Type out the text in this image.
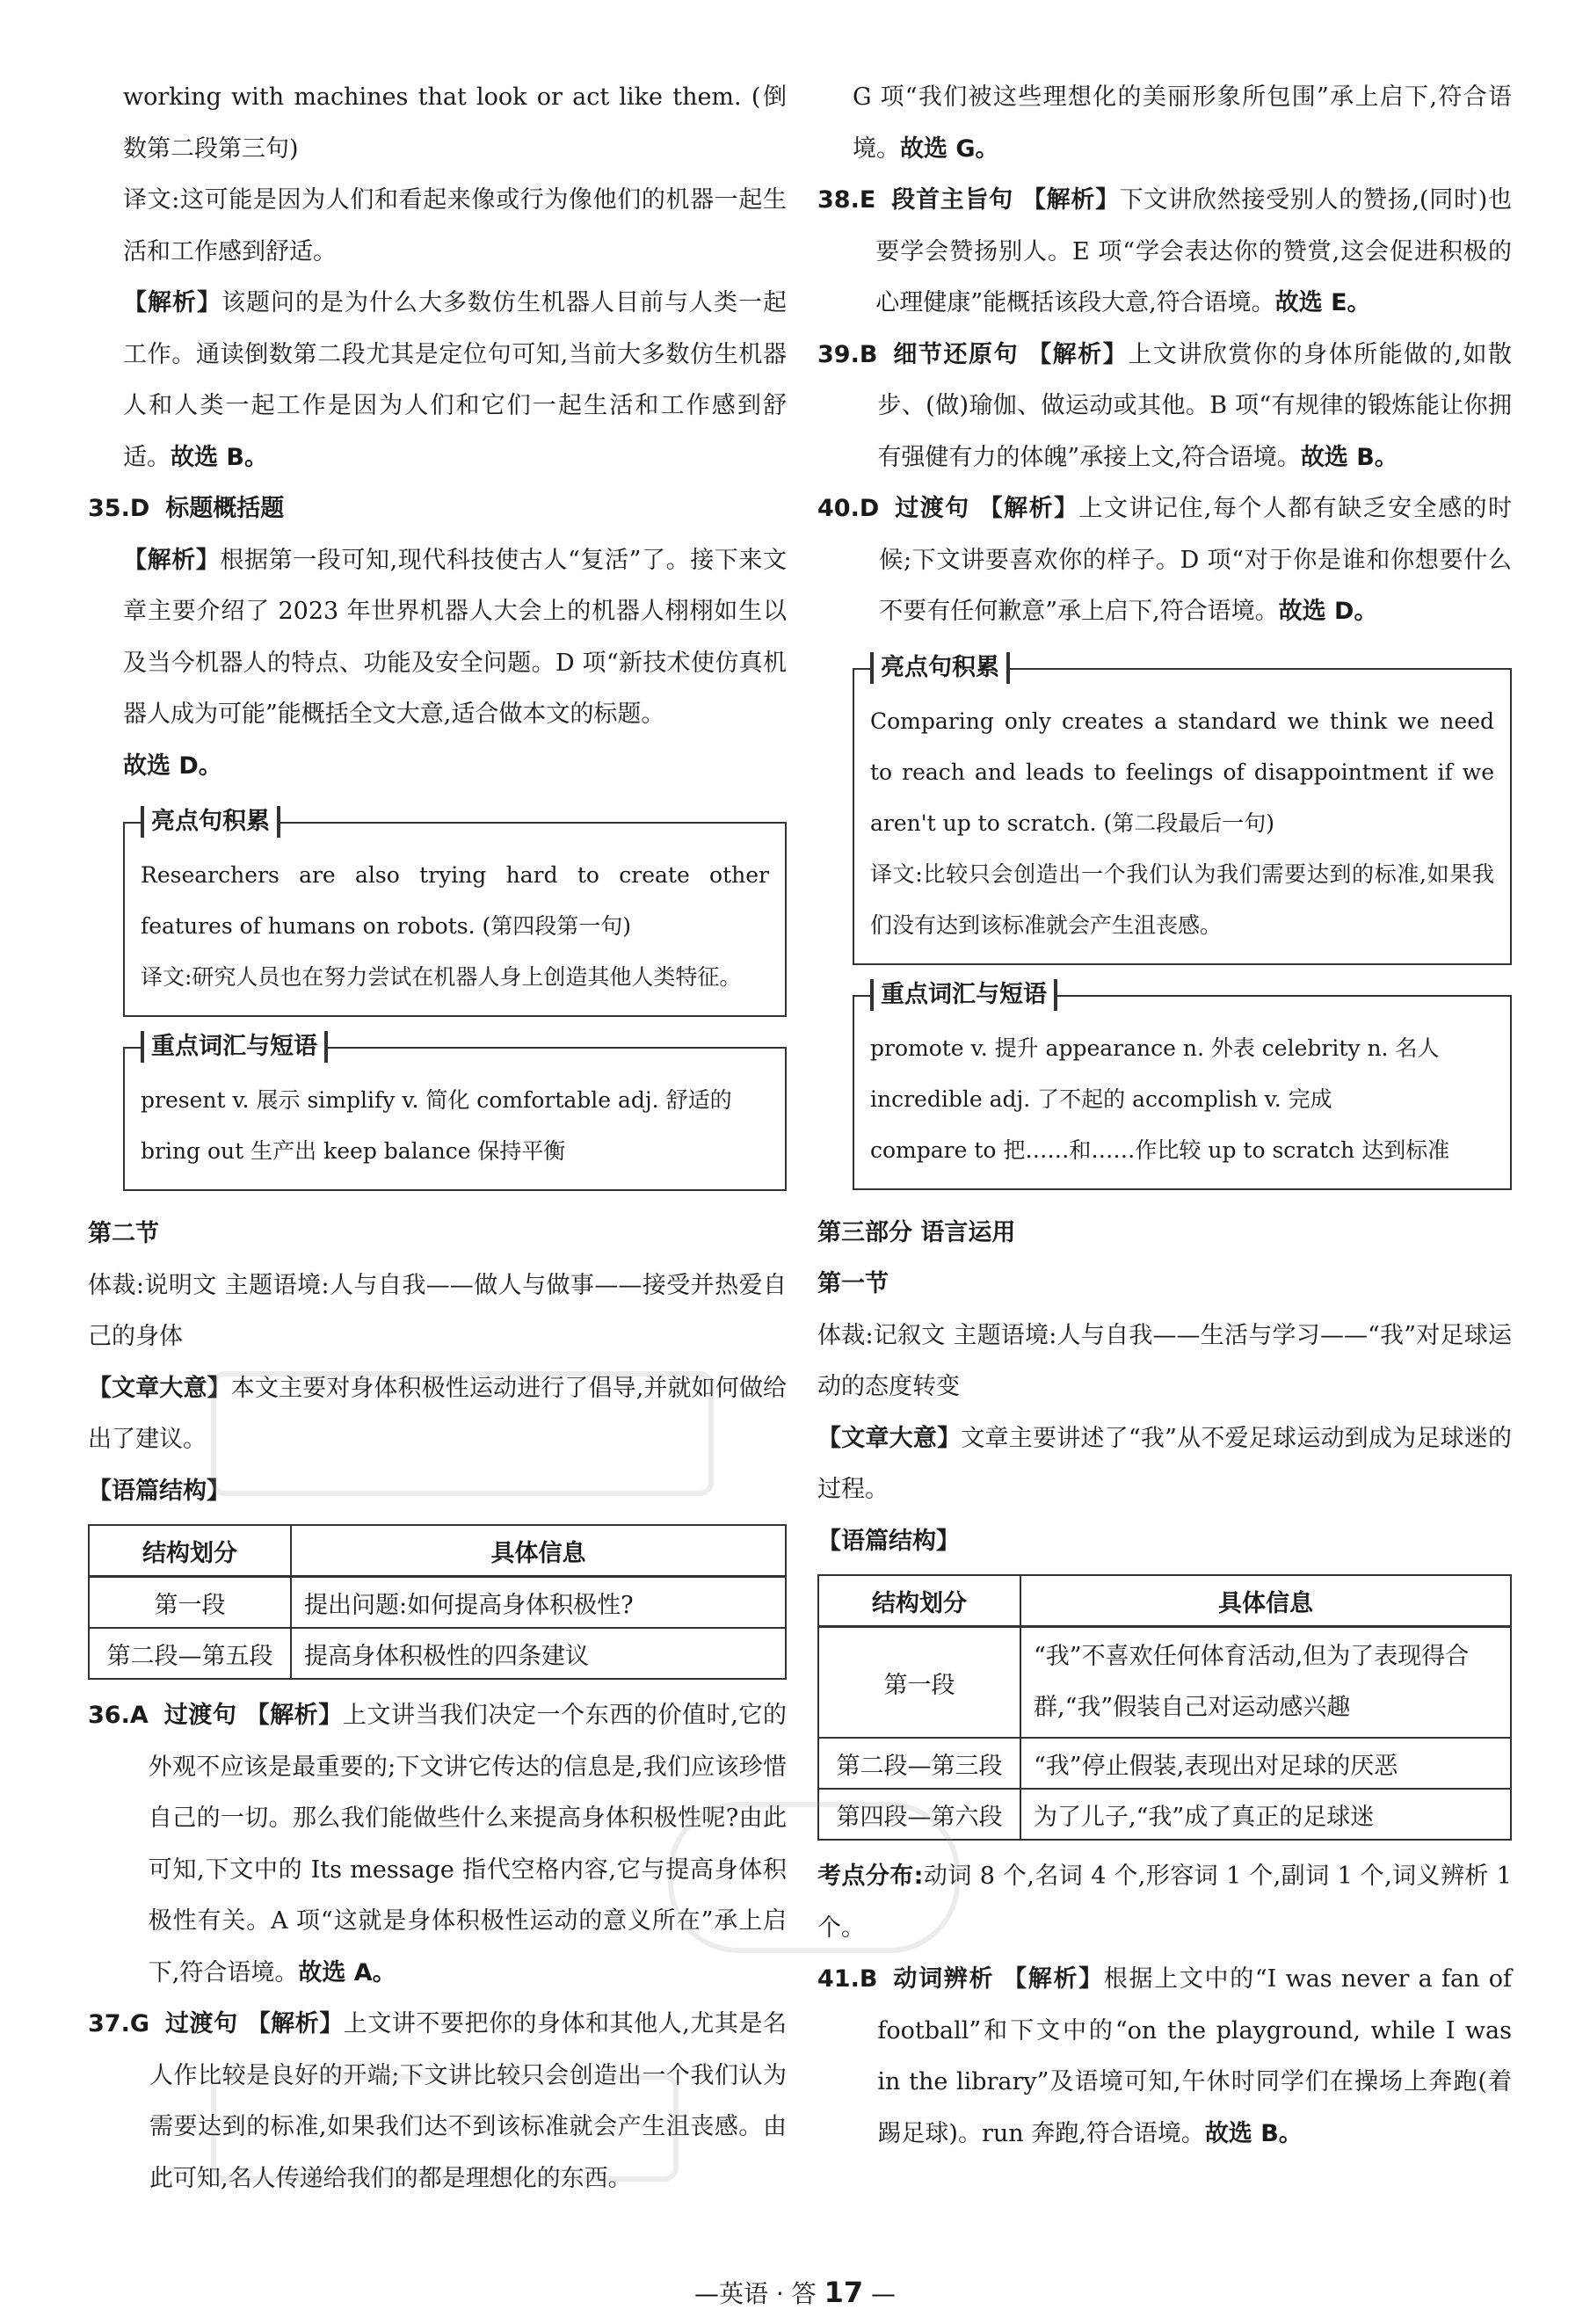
working with machines that look or act like them. (倒数第二段第三句)

译文:这可能是因为人们和看起来像或行为像他们的机器一起生活和工作感到舒适。

【解析】该题问的是为什么大多数仿生机器人目前与人类一起工作。通读倒数第二段尤其是定位句可知,当前大多数仿生机器人和人类一起工作是因为人们和它们一起生活和工作感到舒适。故选 B。

35.D 标题概括题

【解析】根据第一段可知,现代科技使古人“复活”了。接下来文章主要介绍了 2023 年世界机器人大会上的机器人栩栩如生以及当今机器人的特点、功能及安全问题。D 项“新技术使仿真机器人成为可能”能概括全文大意,适合做本文的标题。

故选 D。

亮点句积累

Researchers are also trying hard to create other features of humans on robots. (第四段第一句)

译文:研究人员也在努力尝试在机器人身上创造其他人类特征。

重点词汇与短语

present v. 展示 simplify v. 简化 comfortable adj. 舒适的

bring out 生产出 keep balance 保持平衡

第二节

体裁:说明文 主题语境:人与自我——做人与做事——接受并热爱自己的身体

【文章大意】本文主要对身体积极性运动进行了倡导,并就如何做给出了建议。

【语篇结构】
结构划分	具体信息
第一段	提出问题:如何提高身体积极性?
第二段—第五段	提高身体积极性的四条建议
36.A 过渡句 【解析】上文讲当我们决定一个东西的价值时,它的外观不应该是最重要的;下文讲它传达的信息是,我们应该珍惜自己的一切。那么我们能做些什么来提高身体积极性呢?由此可知,下文中的 Its message 指代空格内容,它与提高身体积极性有关。A 项“这就是身体积极性运动的意义所在”承上启下,符合语境。故选 A。
37.G 过渡句 【解析】上文讲不要把你的身体和其他人,尤其是名人作比较是良好的开端;下文讲比较只会创造出一个我们认为需要达到的标准,如果我们达不到该标准就会产生沮丧感。由此可知,名人传递给我们的都是理想化的东西。

G 项“我们被这些理想化的美丽形象所包围”承上启下,符合语境。故选 G。

38.E 段首主旨句 【解析】下文讲欣然接受别人的赞扬,(同时)也要学会赞扬别人。E 项“学会表达你的赞赏,这会促进积极的心理健康”能概括该段大意,符合语境。故选 E。
39.B 细节还原句 【解析】上文讲欣赏你的身体所能做的,如散步、(做)瑜伽、做运动或其他。B 项“有规律的锻炼能让你拥有强健有力的体魄”承接上文,符合语境。故选 B。
40.D 过渡句 【解析】上文讲记住,每个人都有缺乏安全感的时候;下文讲要喜欢你的样子。D 项“对于你是谁和你想要什么不要有任何歉意”承上启下,符合语境。故选 D。
亮点句积累

Comparing only creates a standard we think we need to reach and leads to feelings of disappointment if we aren't up to scratch. (第二段最后一句)

译文:比较只会创造出一个我们认为我们需要达到的标准,如果我们没有达到该标准就会产生沮丧感。

重点词汇与短语

promote v. 提升 appearance n. 外表 celebrity n. 名人

incredible adj. 了不起的 accomplish v. 完成

compare to 把……和……作比较 up to scratch 达到标准

第三部分 语言运用
第一节

体裁:记叙文 主题语境:人与自我——生活与学习——“我”对足球运动的态度转变

【文章大意】文章主要讲述了“我”从不爱足球运动到成为足球迷的过程。

【语篇结构】
结构划分	具体信息
第一段	“我”不喜欢任何体育活动,但为了表现得合群,“我”假装自己对运动感兴趣
第二段—第三段	“我”停止假装,表现出对足球的厌恶
第四段—第六段	为了儿子,“我”成了真正的足球迷

考点分布:动词 8 个,名词 4 个,形容词 1 个,副词 1 个,词义辨析 1 个。

41.B 动词辨析 【解析】根据上文中的“I was never a fan of football”和下文中的“on the playground, while I was in the library”及语境可知,午休时同学们在操场上奔跑(着踢足球)。run 奔跑,符合语境。故选 B。
—英语 · 答 17 —
